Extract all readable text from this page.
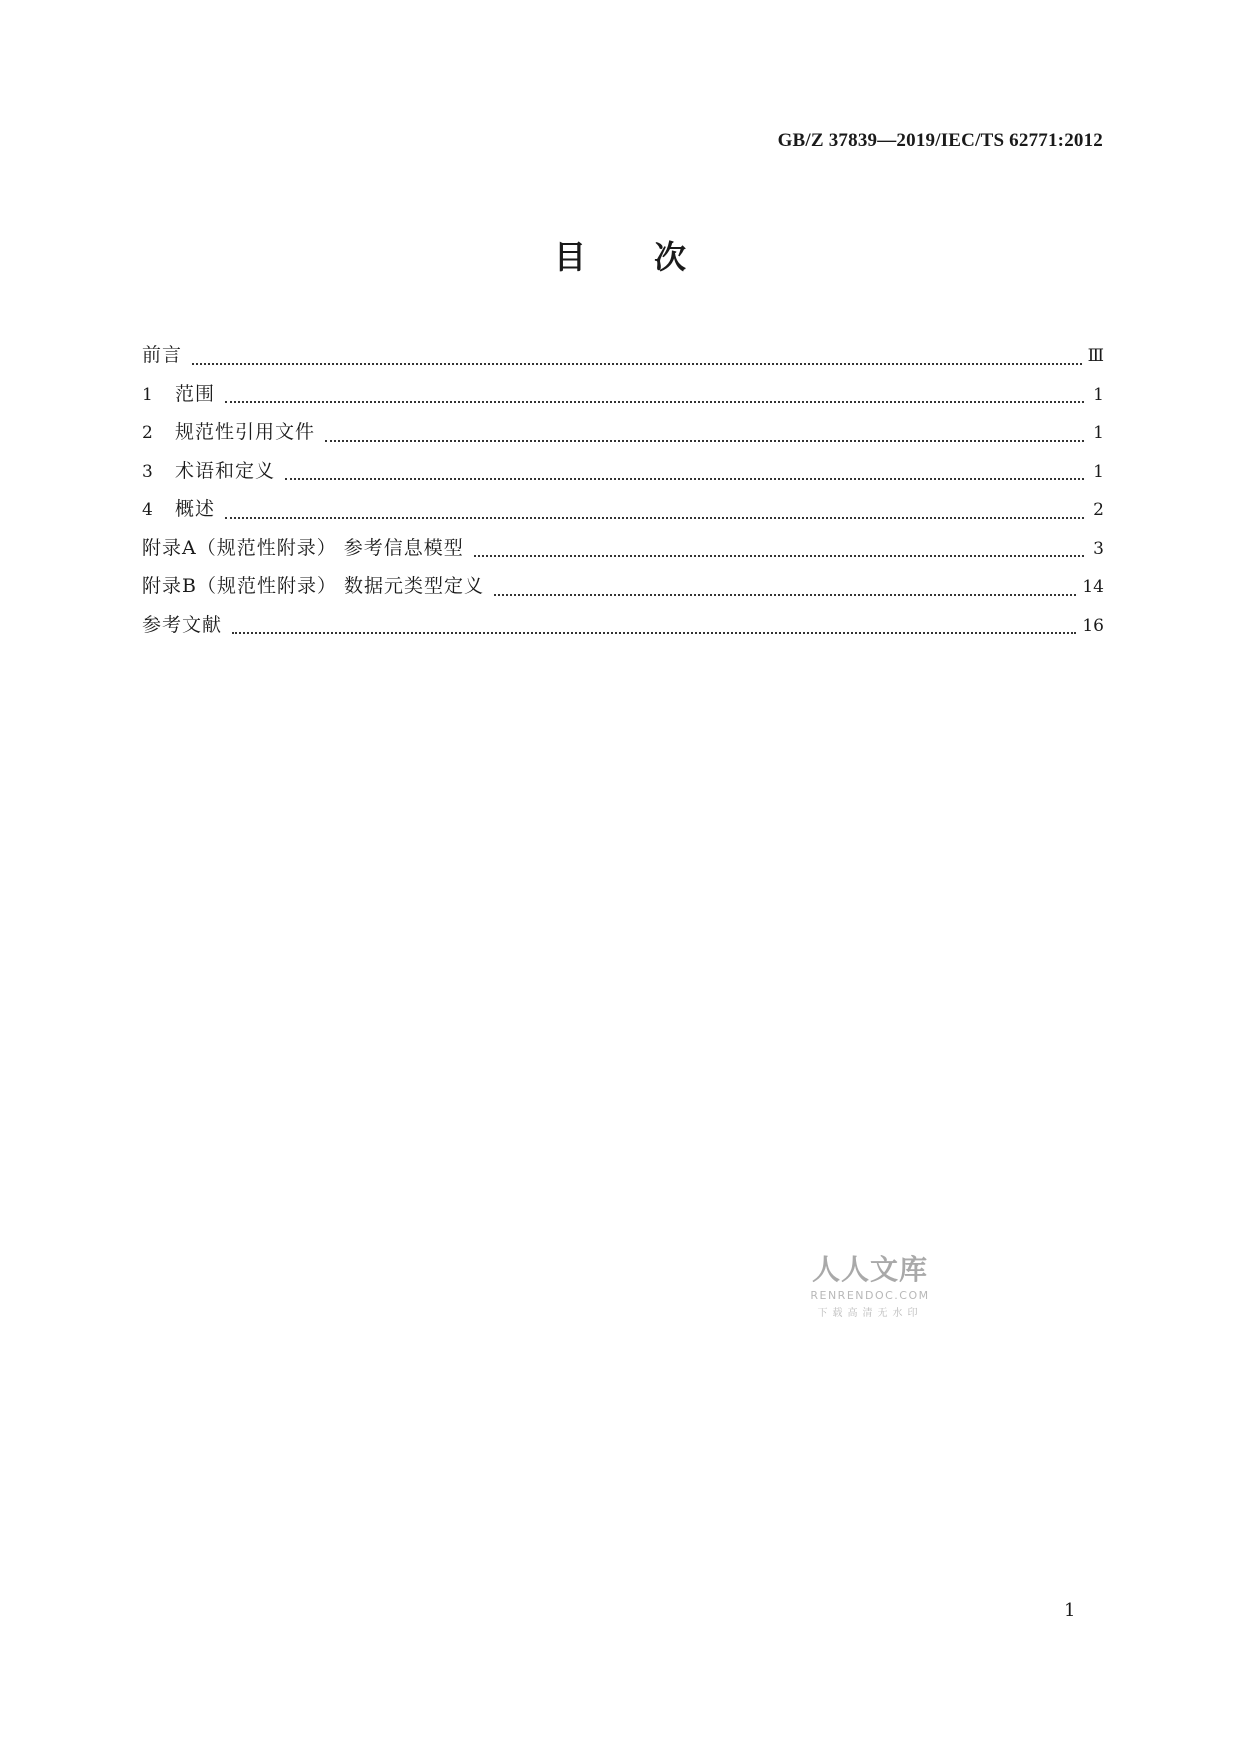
GB/Z 37839—2019/IEC/TS 62771:2012
目次
前言	Ⅲ
1	范围	1
2	规范性引用文件	1
3	术语和定义	1
4	概述	2
附录A（规范性附录） 参考信息模型	3
附录B（规范性附录） 数据元类型定义	14
参考文献	16
人人文库
RENRENDOC.COM
下载高清无水印
1
